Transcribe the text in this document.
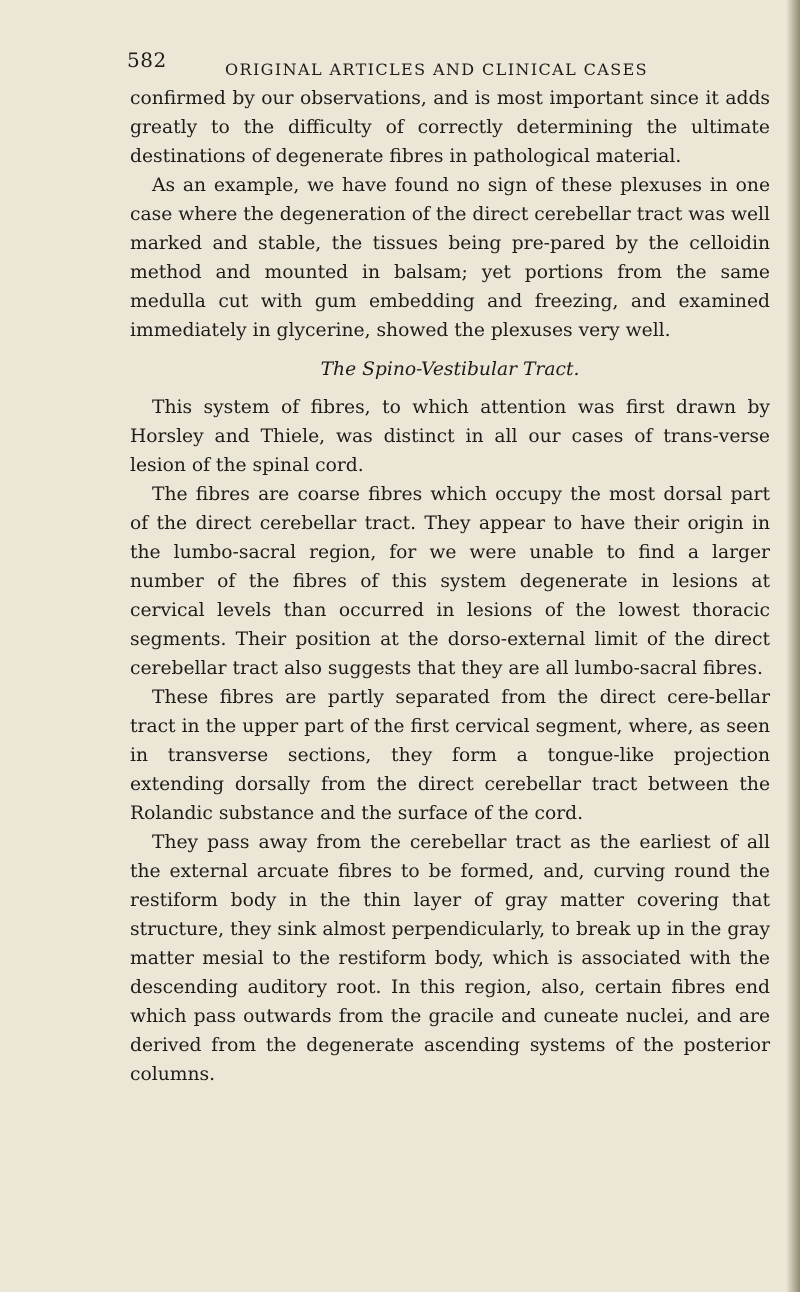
582	ORIGINAL ARTICLES AND CLINICAL CASES

confirmed by our observations, and is most important since it adds greatly to the difficulty of correctly determining the ultimate destinations of degenerate fibres in pathological material.

As an example, we have found no sign of these plexuses in one case where the degeneration of the direct cerebellar tract was well marked and stable, the tissues being pre-pared by the celloidin method and mounted in balsam; yet portions from the same medulla cut with gum embedding and freezing, and examined immediately in glycerine, showed the plexuses very well.

The Spino-Vestibular Tract.

This system of fibres, to which attention was first drawn by Horsley and Thiele, was distinct in all our cases of trans-verse lesion of the spinal cord.

The fibres are coarse fibres which occupy the most dorsal part of the direct cerebellar tract. They appear to have their origin in the lumbo-sacral region, for we were unable to find a larger number of the fibres of this system degenerate in lesions at cervical levels than occurred in lesions of the lowest thoracic segments. Their position at the dorso-external limit of the direct cerebellar tract also suggests that they are all lumbo-sacral fibres.

These fibres are partly separated from the direct cere-bellar tract in the upper part of the first cervical segment, where, as seen in transverse sections, they form a tongue-like projection extending dorsally from the direct cerebellar tract between the Rolandic substance and the surface of the cord.

They pass away from the cerebellar tract as the earliest of all the external arcuate fibres to be formed, and, curving round the restiform body in the thin layer of gray matter covering that structure, they sink almost perpendicularly, to break up in the gray matter mesial to the restiform body, which is associated with the descending auditory root. In this region, also, certain fibres end which pass outwards from the gracile and cuneate nuclei, and are derived from the degenerate ascending systems of the posterior columns.
